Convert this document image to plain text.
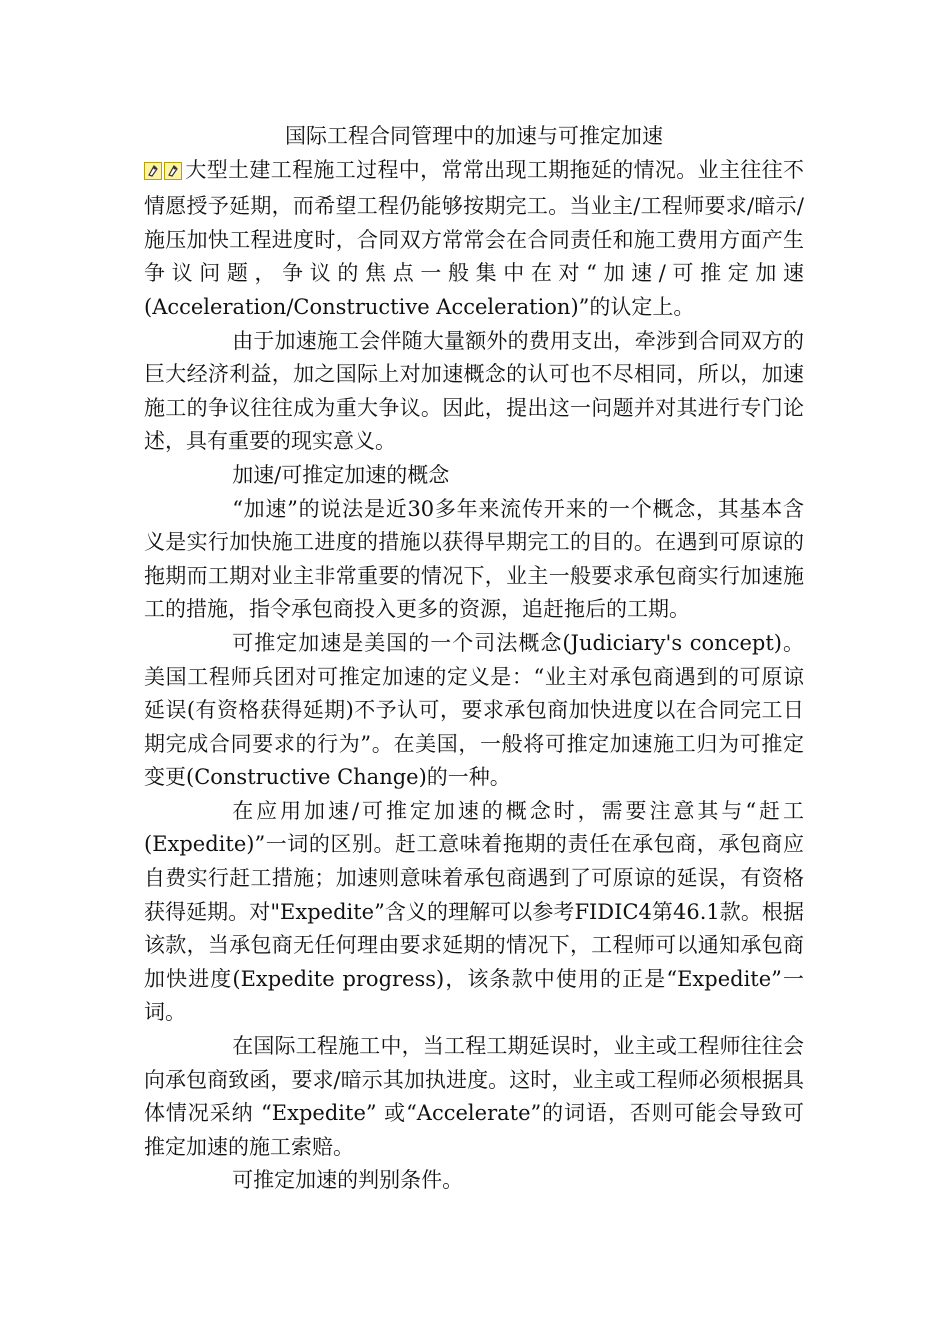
国际工程合同管理中的加速与可推定加速

大型土建工程施工过程中，常常出现工期拖延的情况。业主往往不情愿授予延期，而希望工程仍能够按期完工。当业主/工程师要求/暗示/施压加快工程进度时，合同双方常常会在合同责任和施工费用方面产生争议问题，争议的焦点一般集中在对“加速/可推定加速(Acceleration/Constructive Acceleration)”的认定上。

由于加速施工会伴随大量额外的费用支出，牵涉到合同双方的巨大经济利益，加之国际上对加速概念的认可也不尽相同，所以，加速施工的争议往往成为重大争议。因此，提出这一问题并对其进行专门论述，具有重要的现实意义。

加速/可推定加速的概念

“加速”的说法是近30多年来流传开来的一个概念，其基本含义是实行加快施工进度的措施以获得早期完工的目的。在遇到可原谅的拖期而工期对业主非常重要的情况下，业主一般要求承包商实行加速施工的措施，指令承包商投入更多的资源，追赶拖后的工期。

可推定加速是美国的一个司法概念(Judiciary's concept)。美国工程师兵团对可推定加速的定义是：“业主对承包商遇到的可原谅延误(有资格获得延期)不予认可，要求承包商加快进度以在合同完工日期完成合同要求的行为”。在美国，一般将可推定加速施工归为可推定变更(Constructive Change)的一种。

在应用加速/可推定加速的概念时，需要注意其与“赶工(Expedite)”一词的区别。赶工意味着拖期的责任在承包商，承包商应自费实行赶工措施；加速则意味着承包商遇到了可原谅的延误，有资格获得延期。对"Expedite”含义的理解可以参考FIDIC4第46.1款。根据该款，当承包商无任何理由要求延期的情况下，工程师可以通知承包商加快进度(Expedite progress)，该条款中使用的正是“Expedite”一词。

在国际工程施工中，当工程工期延误时，业主或工程师往往会向承包商致函，要求/暗示其加执进度。这时，业主或工程师必须根据具体情况采纳 “Expedite” 或“Accelerate”的词语，否则可能会导致可推定加速的施工索赔。

可推定加速的判别条件。
